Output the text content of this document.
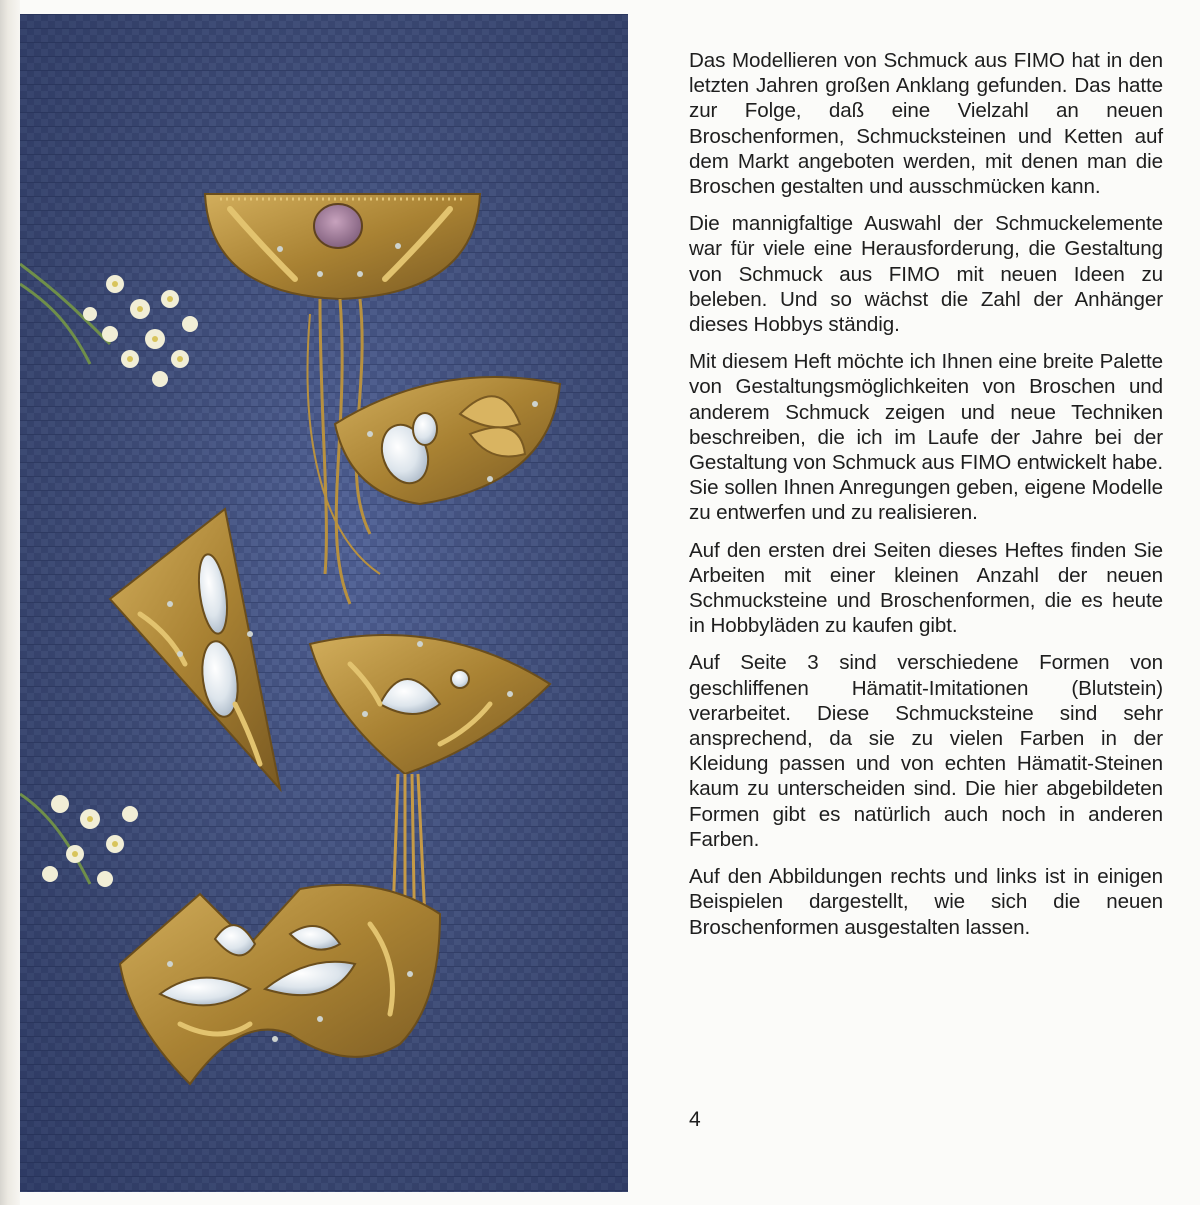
Das Modellieren von Schmuck aus FIMO hat in den letzten Jahren großen Anklang gefunden. Das hatte zur Folge, daß eine Vielzahl an neuen Broschenformen, Schmucksteinen und Ketten auf dem Markt angeboten werden, mit denen man die Broschen gestalten und ausschmücken kann.

Die mannigfaltige Auswahl der Schmuckelemente war für viele eine Herausforderung, die Gestaltung von Schmuck aus FIMO mit neuen Ideen zu beleben. Und so wächst die Zahl der Anhänger dieses Hobbys ständig.

Mit diesem Heft möchte ich Ihnen eine breite Palette von Gestaltungsmöglichkeiten von Broschen und anderem Schmuck zeigen und neue Techniken beschreiben, die ich im Laufe der Jahre bei der Gestaltung von Schmuck aus FIMO entwickelt habe. Sie sollen Ihnen Anregungen geben, eigene Modelle zu entwerfen und zu realisieren.

Auf den ersten drei Seiten dieses Heftes finden Sie Arbeiten mit einer kleinen Anzahl der neuen Schmucksteine und Broschenformen, die es heute in Hobbyläden zu kaufen gibt.

Auf Seite 3 sind verschiedene Formen von geschliffenen Hämatit-Imitationen (Blutstein) verarbeitet. Diese Schmucksteine sind sehr ansprechend, da sie zu vielen Farben in der Kleidung passen und von echten Hämatit-Steinen kaum zu unterscheiden sind. Die hier abgebildeten Formen gibt es natürlich auch noch in anderen Farben.

Auf den Abbildungen rechts und links ist in einigen Beispielen dargestellt, wie sich die neuen Broschenformen ausgestalten lassen.

4
